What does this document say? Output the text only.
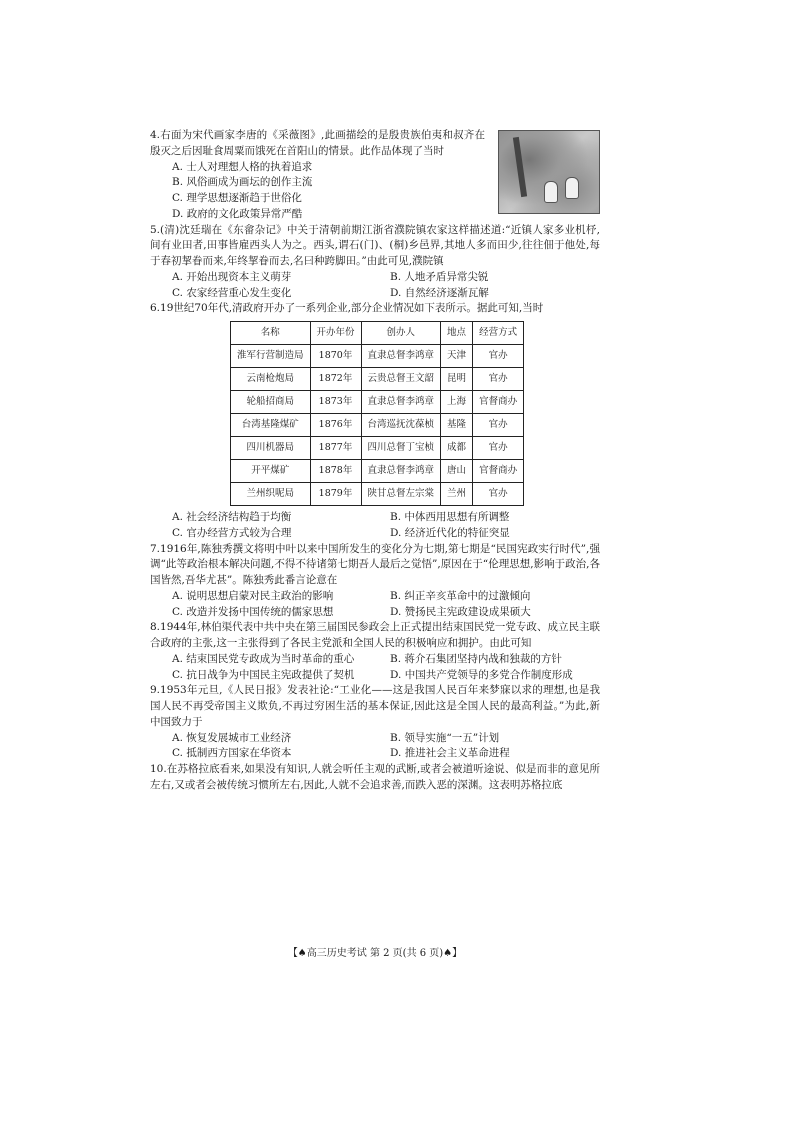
4.右面为宋代画家李唐的《采薇图》,此画描绘的是殷贵族伯夷和叔齐在殷灭之后因耻食周粟而饿死在首阳山的情景。此作品体现了当时

A. 士人对理想人格的执着追求
B. 风俗画成为画坛的创作主流
C. 理学思想逐渐趋于世俗化
D. 政府的文化政策异常严酷

5.(清)沈廷瑞在《东畲杂记》中关于清朝前期江浙省濮院镇农家这样描述道:“近镇人家多业机杼,间有业田者,田事皆雇西头人为之。西头,谓石(门)、(桐)乡邑界,其地人多而田少,往往佃于他处,每于春初挈眷而来,年终挈眷而去,名曰种跨脚田。”由此可见,濮院镇

A. 开始出现资本主义萌芽	B. 人地矛盾异常尖锐
C. 农家经营重心发生变化	D. 自然经济逐渐瓦解

6.19世纪70年代,清政府开办了一系列企业,部分企业情况如下表所示。据此可知,当时

名称	开办年份	创办人	地点	经营方式
淮军行营制造局	1870年	直隶总督李鸿章	天津	官办
云南枪炮局	1872年	云贵总督王文韶	昆明	官办
轮船招商局	1873年	直隶总督李鸿章	上海	官督商办
台湾基隆煤矿	1876年	台湾巡抚沈葆桢	基隆	官办
四川机器局	1877年	四川总督丁宝桢	成都	官办
开平煤矿	1878年	直隶总督李鸿章	唐山	官督商办
兰州织呢局	1879年	陕甘总督左宗棠	兰州	官办
A. 社会经济结构趋于均衡	B. 中体西用思想有所调整
C. 官办经营方式较为合理	D. 经济近代化的特征突显

7.1916年,陈独秀撰文将明中叶以来中国所发生的变化分为七期,第七期是“民国宪政实行时代”,强调“此等政治根本解决问题,不得不待诸第七期吾人最后之觉悟”,原因在于“伦理思想,影响于政治,各国皆然,吾华尤甚”。陈独秀此番言论意在

A. 说明思想启蒙对民主政治的影响	B. 纠正辛亥革命中的过激倾向
C. 改造并发扬中国传统的儒家思想	D. 赞扬民主宪政建设成果硕大

8.1944年,林伯渠代表中共中央在第三届国民参政会上正式提出结束国民党一党专政、成立民主联合政府的主张,这一主张得到了各民主党派和全国人民的积极响应和拥护。由此可知

A. 结束国民党专政成为当时革命的重心	B. 蒋介石集团坚持内战和独裁的方针
C. 抗日战争为中国民主宪政提供了契机	D. 中国共产党领导的多党合作制度形成

9.1953年元旦,《人民日报》发表社论:“工业化——这是我国人民百年来梦寐以求的理想,也是我国人民不再受帝国主义欺负,不再过穷困生活的基本保证,因此这是全国人民的最高利益。”为此,新中国致力于

A. 恢复发展城市工业经济	B. 领导实施“一五”计划
C. 抵制西方国家在华资本	D. 推进社会主义革命进程

10.在苏格拉底看来,如果没有知识,人就会听任主观的武断,或者会被道听途说、似是而非的意见所左右,又或者会被传统习惯所左右,因此,人就不会追求善,而跌入恶的深渊。这表明苏格拉底

【♠高三历史考试 第 2 页(共 6 页)♠】
